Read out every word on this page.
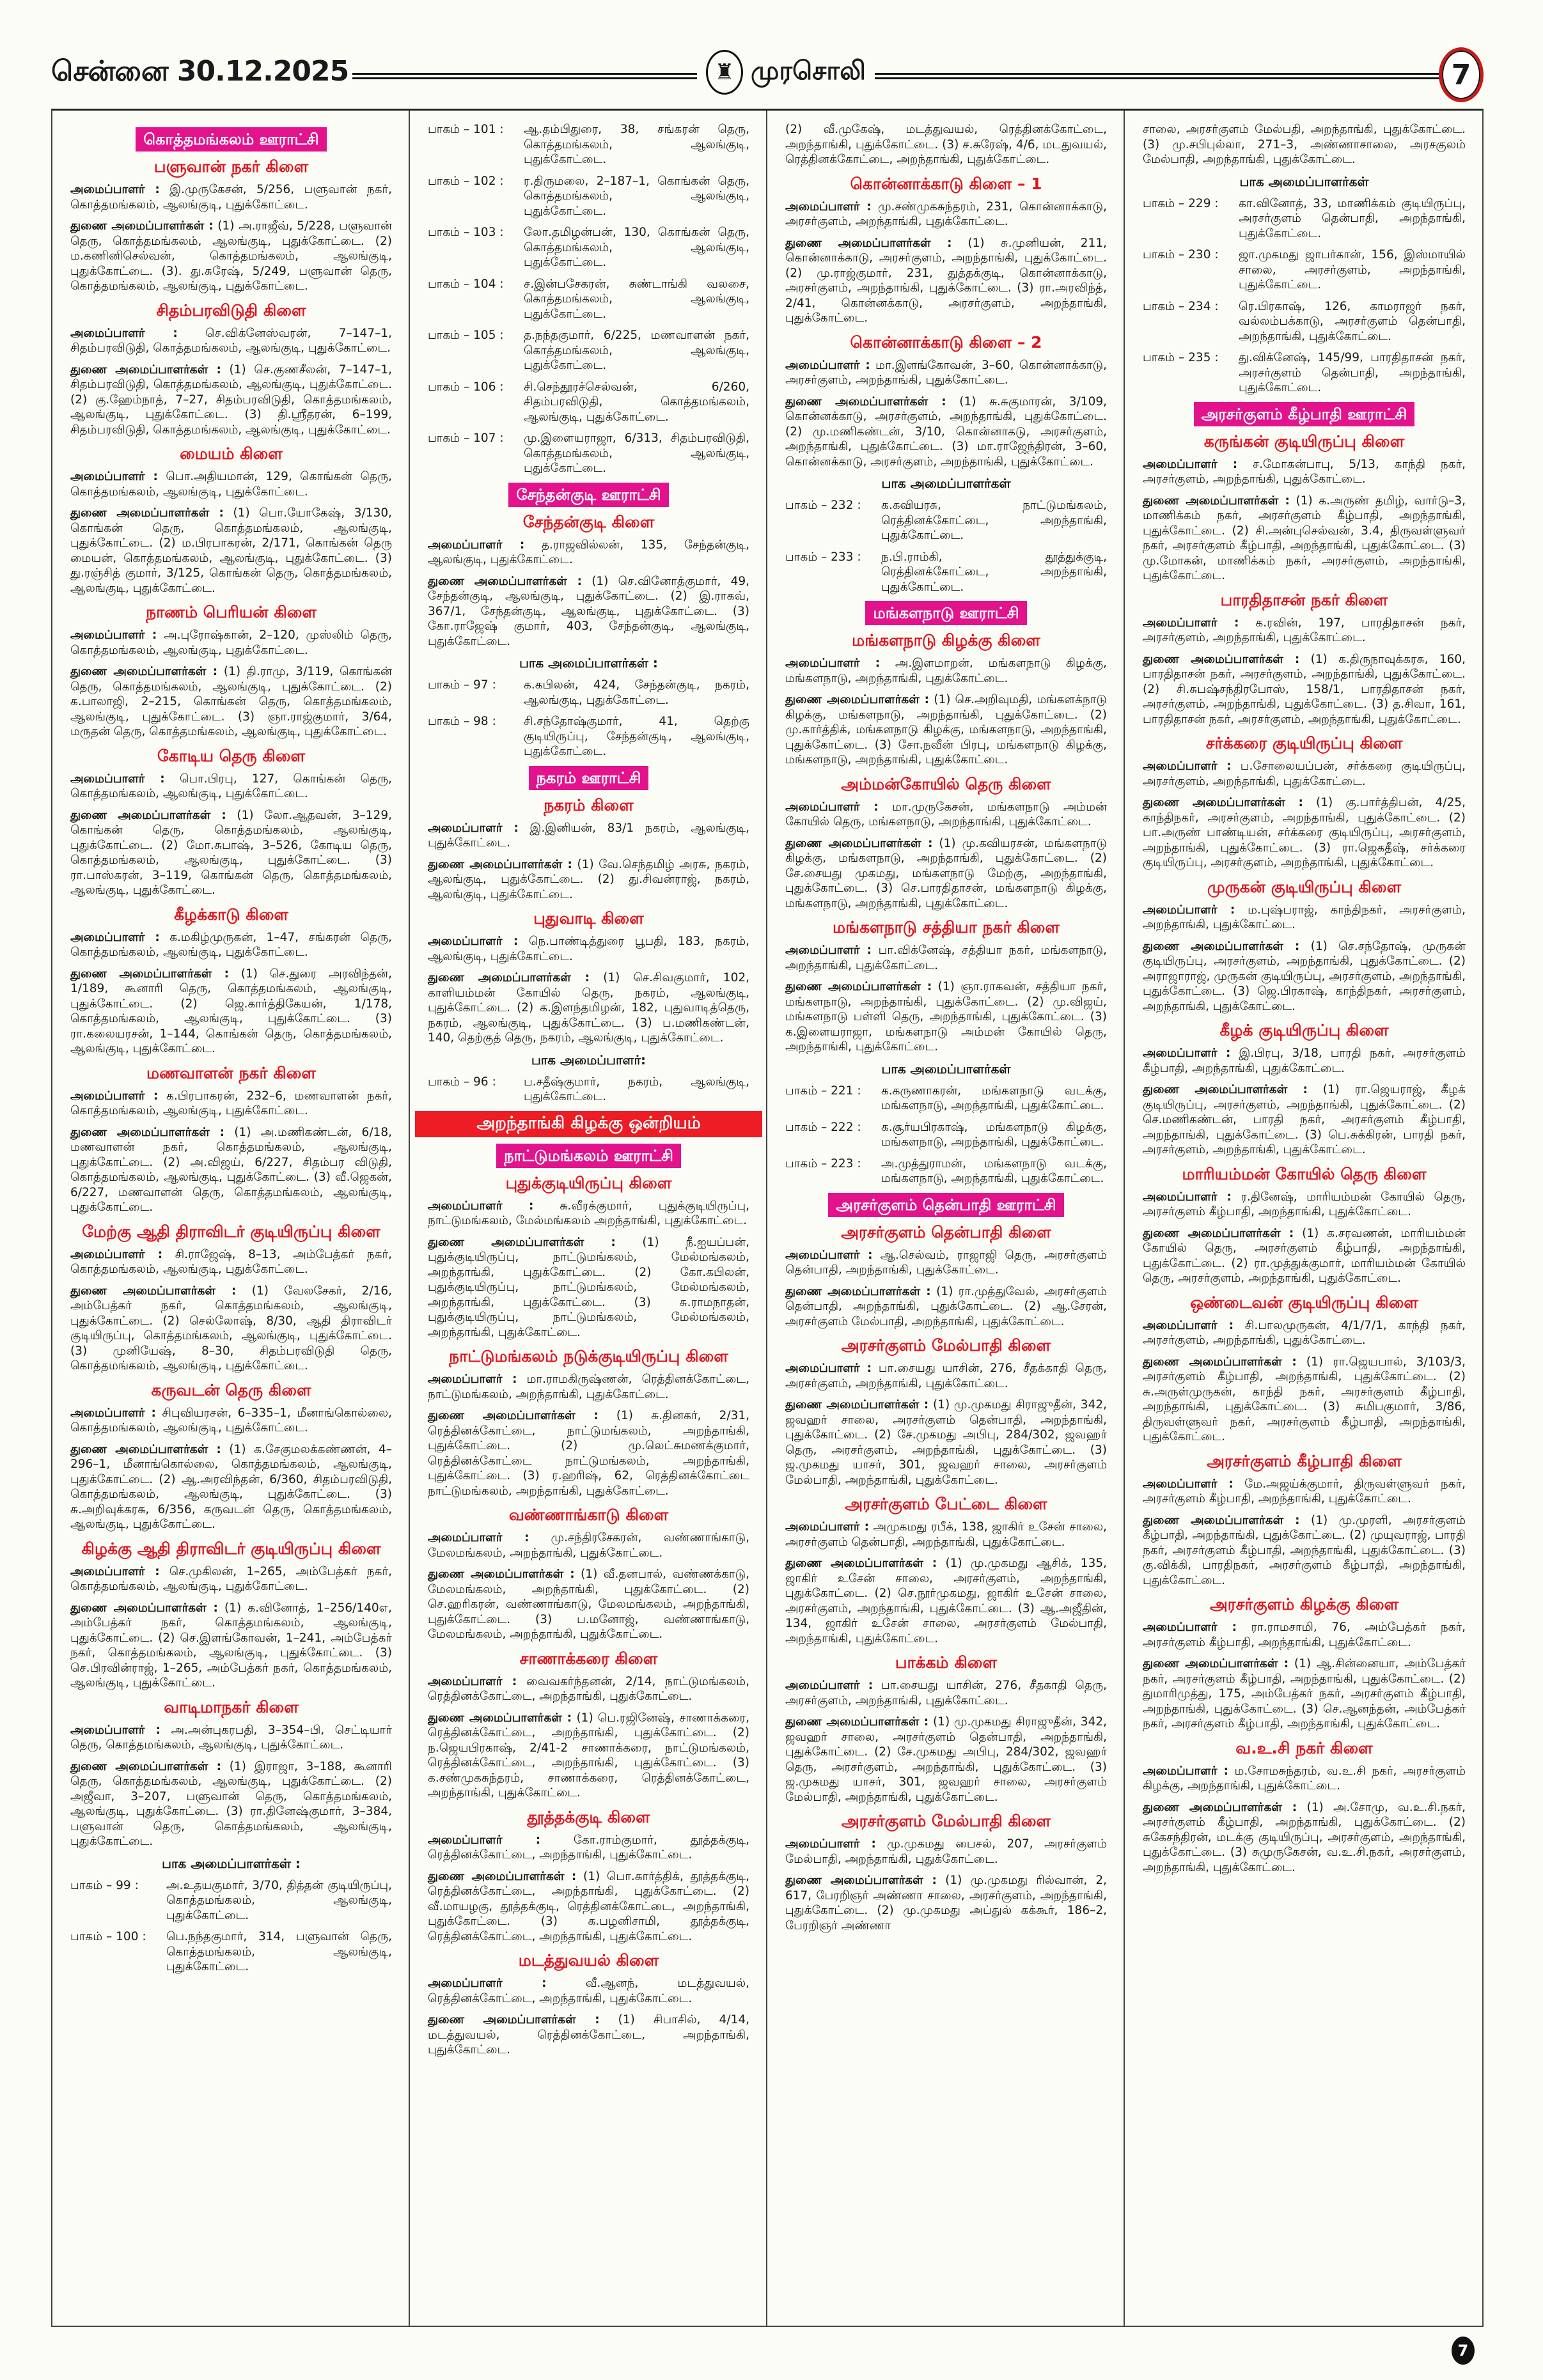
சென்னை 30.12.2025	♜ முரசொலி	7
கொத்தமங்கலம் ஊராட்சி
பளுவான் நகர் கிளை

அமைப்பாளர் : இ.முருகேசன், 5/256, பளுவான் நகர், கொத்தமங்கலம், ஆலங்குடி, புதுக்கோட்டை.

துணை அமைப்பாளர்கள் : (1) அ.ராஜீவ், 5/228, பளுவான் தெரு, கொத்தமங்கலம், ஆலங்குடி, புதுக்கோட்டை. (2) ம.கணினிசெல்வன், கொத்தமங்கலம், ஆலங்குடி, புதுக்கோட்டை. (3). து.சுரேஷ், 5/249, பளுவான் தெரு, கொத்தமங்கலம், ஆலங்குடி, புதுக்கோட்டை.

சிதம்பரவிடுதி கிளை

அமைப்பாளர் : செ.விக்னேஸ்வரன், 7–147–1, சிதம்பரவிடுதி, கொத்தமங்கலம், ஆலங்குடி, புதுக்கோட்டை.

துணை அமைப்பாளர்கள் : (1) செ.குணசீலன், 7–147–1, சிதம்பரவிடுதி, கொத்தமங்கலம், ஆலங்குடி, புதுக்கோட்டை. (2) கு.ஹேம்நாத், 7–27, சிதம்பரவிடுதி, கொத்தமங்கலம், ஆலங்குடி, புதுக்கோட்டை. (3) தி.ஸ்ரீதரன், 6–199, சிதம்பரவிடுதி, கொத்தமங்கலம், ஆலங்குடி, புதுக்கோட்டை.

மையம் கிளை

அமைப்பாளர் : பொ.அதியமான், 129, கொங்கன் தெரு, கொத்தமங்கலம், ஆலங்குடி, புதுக்கோட்டை.

துணை அமைப்பாளர்கள் : (1) பொ.யோகேஷ், 3/130, கொங்கன் தெரு, கொத்தமங்கலம், ஆலங்குடி, புதுக்கோட்டை. (2) ம.பிரபாகரன், 2/171, கொங்கன் தெரு மையன், கொத்தமங்கலம், ஆலங்குடி, புதுக்கோட்டை. (3) து.ரஞ்சித் குமார், 3/125, கொங்கன் தெரு, கொத்தமங்கலம், ஆலங்குடி, புதுக்கோட்டை.

நாணம் பெரியன் கிளை

அமைப்பாளர் : அ.புரோஷ்கான், 2–120, முஸ்லிம் தெரு, கொத்தமங்கலம், ஆலங்குடி, புதுக்கோட்டை.

துணை அமைப்பாளர்கள் : (1) தி.ராமு, 3/119, கொங்கன் தெரு, கொத்தமங்கலம், ஆலங்குடி, புதுக்கோட்டை. (2) க.பாலாஜி, 2–215, கொங்கன் தெரு, கொத்தமங்கலம், ஆலங்குடி, புதுக்கோட்டை. (3) ஞா.ராஜ்குமார், 3/64, மருதன் தெரு, கொத்தமங்கலம், ஆலங்குடி, புதுக்கோட்டை.

கோடிய தெரு கிளை

அமைப்பாளர் : பொ.பிரபு, 127, கொங்கன் தெரு, கொத்தமங்கலம், ஆலங்குடி, புதுக்கோட்டை.

துணை அமைப்பாளர்கள் : (1) லோ.ஆதவன், 3–129, கொங்கன் தெரு, கொத்தமங்கலம், ஆலங்குடி, புதுக்கோட்டை. (2) மோ.சுபாஷ், 3–526, கோடிய தெரு, கொத்தமங்கலம், ஆலங்குடி, புதுக்கோட்டை. (3) ரா.பாஸ்கரன், 3–119, கொங்கன் தெரு, கொத்தமங்கலம், ஆலங்குடி, புதுக்கோட்டை.

கீழக்காடு கிளை

அமைப்பாளர் : க.மகிழ்முருகன், 1–47, சங்கரன் தெரு, கொத்தமங்கலம், ஆலங்குடி, புதுக்கோட்டை.

துணை அமைப்பாளர்கள் : (1) செ.துரை அரவிந்தன், 1/189, கூனாரி தெரு, கொத்தமங்கலம், ஆலங்குடி, புதுக்கோட்டை. (2) ஜெ.கார்த்திகேயன், 1/178, கொத்தமங்கலம், ஆலங்குடி, புதுக்கோட்டை. (3) ரா.கலையரசன், 1–144, கொங்கன் தெரு, கொத்தமங்கலம், ஆலங்குடி, புதுக்கோட்டை.

மணவாளன் நகர் கிளை

அமைப்பாளர் : க.பிரபாகரன், 232–6, மணவாளன் நகர், கொத்தமங்கலம், ஆலங்குடி, புதுக்கோட்டை.

துணை அமைப்பாளர்கள் : (1) அ.மணிகண்டன், 6/18, மணவாளன் நகர், கொத்தமங்கலம், ஆலங்குடி, புதுக்கோட்டை. (2) அ.விஜய், 6/227, சிதம்பர விடுதி, கொத்தமங்கலம், ஆலங்குடி, புதுக்கோட்டை. (3) வீ.ஜெகன், 6/227, மணவாளன் தெரு, கொத்தமங்கலம், ஆலங்குடி, புதுக்கோட்டை.

மேற்கு ஆதி திராவிடர் குடியிருப்பு கிளை

அமைப்பாளர் : சி.ராஜேஷ், 8–13, அம்பேத்கர் நகர், கொத்தமங்கலம், ஆலங்குடி, புதுக்கோட்டை.

துணை அமைப்பாளர்கள் : (1) வேலசேகர், 2/16, அம்பேத்கர் நகர், கொத்தமங்கலம், ஆலங்குடி, புதுக்கோட்டை. (2) செல்லோஷ், 8/30, ஆதி திராவிடர் குடியிருப்பு, கொத்தமங்கலம், ஆலங்குடி, புதுக்கோட்டை. (3) முனியேஷ், 8–30, சிதம்பரவிடுதி தெரு, கொத்தமங்கலம், ஆலங்குடி, புதுக்கோட்டை.

கருவடன் தெரு கிளை

அமைப்பாளர் : சிபுவியரசன், 6–335–1, மீனாங்கொல்லை, கொத்தமங்கலம், ஆலங்குடி, புதுக்கோட்டை.

துணை அமைப்பாளர்கள் : (1) க.சேகுமலக்கண்ணன், 4–296–1, மீனாங்கொல்லை, கொத்தமங்கலம், ஆலங்குடி, புதுக்கோட்டை. (2) ஆ.அரவிந்தன், 6/360, சிதம்பரவிடுதி, கொத்தமங்கலம், ஆலங்குடி, புதுக்கோட்டை. (3) சு.அறிவுக்கரசு, 6/356, கருவடன் தெரு, கொத்தமங்கலம், ஆலங்குடி, புதுக்கோட்டை.

கிழக்கு ஆதி திராவிடர் குடியிருப்பு கிளை

அமைப்பாளர் : செ.முகிலன், 1–265, அம்பேத்கர் நகர், கொத்தமங்கலம், ஆலங்குடி, புதுக்கோட்டை.

துணை அமைப்பாளர்கள் : (1) க.வினோத், 1–256/140எ, அம்பேத்கர் நகர், கொத்தமங்கலம், ஆலங்குடி, புதுக்கோட்டை. (2) செ.இளங்கோவன், 1–241, அம்பேத்கர் நகர், கொத்தமங்கலம், ஆலங்குடி, புதுக்கோட்டை. (3) செ.பிரவின்ராஜ், 1–265, அம்பேத்கர் நகர், கொத்தமங்கலம், ஆலங்குடி, புதுக்கோட்டை.

வாடிமாநகர் கிளை

அமைப்பாளர் : அ.அன்புகரபதி, 3–354–பி, செட்டியார் தெரு, கொத்தமங்கலம், ஆலங்குடி, புதுக்கோட்டை.

துணை அமைப்பாளர்கள் : (1) இராஜா, 3–188, கூனாரி தெரு, கொத்தமங்கலம், ஆலங்குடி, புதுக்கோட்டை. (2) அஜீவா, 3–207, பளுவான் தெரு, கொத்தமங்கலம், ஆலங்குடி, புதுக்கோட்டை. (3) ரா.தினேஷ்குமார், 3–384, பளுவான் தெரு, கொத்தமங்கலம், ஆலங்குடி, புதுக்கோட்டை.

பாக அமைப்பாளர்கள் :
பாகம் – 99 :	அ.உதயகுமார், 3/70, தித்தன் குடியிருப்பு, கொத்தமங்கலம், ஆலங்குடி, புதுக்கோட்டை.
பாகம் – 100 :	பெ.நந்தகுமார், 314, பளுவான் தெரு, கொத்தமங்கலம், ஆலங்குடி, புதுக்கோட்டை.
பாகம் – 101 :	ஆ.தம்பிதுரை, 38, சங்கரன் தெரு, கொத்தமங்கலம், ஆலங்குடி, புதுக்கோட்டை.
பாகம் – 102 :	ர.திருமலை, 2–187–1, கொங்கன் தெரு, கொத்தமங்கலம், ஆலங்குடி, புதுக்கோட்டை.
பாகம் – 103 :	லோ.தமிழன்பன், 130, கொங்கன் தெரு, கொத்தமங்கலம், ஆலங்குடி, புதுக்கோட்டை.
பாகம் – 104 :	ச.இன்பசேகரன், சுண்டாங்கி வலசை, கொத்தமங்கலம், ஆலங்குடி, புதுக்கோட்டை.
பாகம் – 105 :	த.நந்தகுமார், 6/225, மணவாளன் நகர், கொத்தமங்கலம், ஆலங்குடி, புதுக்கோட்டை.
பாகம் – 106 :	சி.செந்தூரச்செல்வன், 6/260, சிதம்பரவிடுதி, கொத்தமங்கலம், ஆலங்குடி, புதுக்கோட்டை.
பாகம் – 107 :	மு.இளையராஜா, 6/313, சிதம்பரவிடுதி, கொத்தமங்கலம், ஆலங்குடி, புதுக்கோட்டை.
சேந்தன்குடி ஊராட்சி
சேந்தன்குடி கிளை

அமைப்பாளர் : த.ராஜவில்லன், 135, சேந்தன்குடி, ஆலங்குடி, புதுக்கோட்டை.

துணை அமைப்பாளர்கள் : (1) செ.வினோத்குமார், 49, சேந்தன்குடி, ஆலங்குடி, புதுக்கோட்டை. (2) இ.ராகவ், 367/1, சேந்தன்குடி, ஆலங்குடி, புதுக்கோட்டை. (3) கோ.ராஜேஷ் குமார், 403, சேந்தன்குடி, ஆலங்குடி, புதுக்கோட்டை.

பாக அமைப்பாளர்கள் :
பாகம் – 97 :	க.கபிலன், 424, சேந்தன்குடி, நகரம், ஆலங்குடி, புதுக்கோட்டை.
பாகம் – 98 :	சி.சந்தோஷ்குமார், 41, தெற்கு குடியிருப்பு, சேந்தன்குடி, ஆலங்குடி, புதுக்கோட்டை.
நகரம் ஊராட்சி
நகரம் கிளை

அமைப்பாளர் : இ.இனியன், 83/1 நகரம், ஆலங்குடி, புதுக்கோட்டை.

துணை அமைப்பாளர்கள் : (1) வே.செந்தமிழ் அரசு, நகரம், ஆலங்குடி, புதுக்கோட்டை. (2) து.சிவன்ராஜ், நகரம், ஆலங்குடி, புதுக்கோட்டை.

புதுவாடி கிளை

அமைப்பாளர் : நெ.பாண்டித்துரை பூபதி, 183, நகரம், ஆலங்குடி, புதுக்கோட்டை.

துணை அமைப்பாளர்கள் : (1) செ.சிவகுமார், 102, காளியம்மன் கோயில் தெரு, நகரம், ஆலங்குடி, புதுக்கோட்டை. (2) க.இளந்தமிழன், 182, புதுவாடித்தெரு, நகரம், ஆலங்குடி, புதுக்கோட்டை. (3) ப.மணிகண்டன், 140, தெற்குத் தெரு, நகரம், ஆலங்குடி, புதுக்கோட்டை.

பாக அமைப்பாளர்:
பாகம் – 96 :	ப.சதீஷ்குமார், நகரம், ஆலங்குடி, புதுக்கோட்டை.
அறந்தாங்கி கிழக்கு ஒன்றியம்
நாட்டுமங்கலம் ஊராட்சி
புதுக்குடியிருப்பு கிளை

அமைப்பாளர் : சு.வீரக்குமார், புதுக்குடியிருப்பு, நாட்டுமங்கலம், மேல்மங்கலம் அறந்தாங்கி, புதுக்கோட்டை.

துணை அமைப்பாளர்கள் : (1) நீ.ஐயப்பன், புதுக்குடியிருப்பு, நாட்டுமங்கலம், மேல்மங்கலம், அறந்தாங்கி, புதுக்கோட்டை. (2) கோ.கபிலன், புதுக்குடியிருப்பு, நாட்டுமங்கலம், மேல்மங்கலம், அறந்தாங்கி, புதுக்கோட்டை. (3) சு.ராமநாதன், புதுக்குடியிருப்பு, நாட்டுமங்கலம், மேல்மங்கலம், அறந்தாங்கி, புதுக்கோட்டை.

நாட்டுமங்கலம் நடுக்குடியிருப்பு கிளை

அமைப்பாளர் : மா.ராமகிருஷ்ணன், ரெத்தினக்கோட்டை, நாட்டுமங்கலம், அறந்தாங்கி, புதுக்கோட்டை.

துணை அமைப்பாளர்கள் : (1) சு.தினகர், 2/31, ரெத்தினக்கோட்டை, நாட்டுமங்கலம், அறந்தாங்கி, புதுக்கோட்டை. (2) மு.லெட்சுமணக்குமார், ரெத்தினக்கோட்டை நாட்டுமங்கலம், அறந்தாங்கி, புதுக்கோட்டை. (3) ர.ஹரிஷ், 62, ரெத்தினக்கோட்டை நாட்டுமங்கலம், அறந்தாங்கி, புதுக்கோட்டை.

வண்ணாங்காடு கிளை

அமைப்பாளர் : மு.சந்திரசேகரன், வண்ணாங்காடு, மேலமங்கலம், அறந்தாங்கி, புதுக்கோட்டை.

துணை அமைப்பாளர்கள் : (1) வீ.தனபால், வண்ணக்காடு, மேலமங்கலம், அறந்தாங்கி, புதுக்கோட்டை. (2) செ.ஹரிகரன், வண்ணாங்காடு, மேலமங்கலம், அறந்தாங்கி, புதுக்கோட்டை. (3) ப.மனோஜ், வண்ணாங்காடு, மேலமங்கலம், அறந்தாங்கி, புதுக்கோட்டை.

சாணாக்கரை கிளை

அமைப்பாளர் : வைவகர்ந்தனன், 2/14, நாட்டுமங்கலம், ரெத்தினக்கோட்டை, அறந்தாங்கி, புதுக்கோட்டை.

துணை அமைப்பாளர்கள் : (1) பெ.ரஜினேஷ், சாணாக்கரை, ரெத்தினக்கோட்டை, அறந்தாங்கி, புதுக்கோட்டை. (2) ந.ஜெயபிரகாஷ், 2/41-2 சாணாக்கரை, நாட்டுமங்கலம், ரெத்தினக்கோட்டை, அறந்தாங்கி, புதுக்கோட்டை. (3) க.சண்முகசுந்தரம், சாணாக்கரை, ரெத்தினக்கோட்டை, அறந்தாங்கி, புதுக்கோட்டை.

தூத்தக்குடி கிளை

அமைப்பாளர் : கோ.ராம்குமார், தூத்தக்குடி, ரெத்தினக்கோட்டை, அறந்தாங்கி, புதுக்கோட்டை.

துணை அமைப்பாளர்கள் : (1) பொ.கார்த்திக், தூத்தக்குடி, ரெத்தினக்கோட்டை, அறந்தாங்கி, புதுக்கோட்டை. (2) வீ.மாயழகு, தூத்தக்குடி, ரெத்தினக்கோட்டை, அறந்தாங்கி, புதுக்கோட்டை. (3) க.பழனிசாமி, தூத்தக்குடி, ரெத்தினக்கோட்டை, அறந்தாங்கி, புதுக்கோட்டை.

மடத்துவயல் கிளை

அமைப்பாளர் : வீ.ஆனந், மடத்துவயல், ரெத்தினக்கோட்டை, அறந்தாங்கி, புதுக்கோட்டை.

துணை அமைப்பாளர்கள் : (1) சிபாசில், 4/14, மடத்துவயல், ரெத்தினக்கோட்டை, அறந்தாங்கி, புதுக்கோட்டை.

(2) வீ.முகேஷ், மடத்துவயல், ரெத்தினக்கோட்டை, அறந்தாங்கி, புதுக்கோட்டை. (3) ச.சுரேஷ், 4/6, மடதுவயல், ரெத்தினக்கோட்டை, அறந்தாங்கி, புதுக்கோட்டை.

கொன்னாக்காடு கிளை – 1

அமைப்பாளர் : மு.சண்முகசுந்தரம், 231, கொன்னாக்காடு, அரசர்குளம், அறந்தாங்கி, புதுக்கோட்டை.

துணை அமைப்பாளர்கள் : (1) சு.முனியன், 211, கொன்னாக்காடு, அரசர்குளம், அறந்தாங்கி, புதுக்கோட்டை. (2) மு.ராஜ்குமார், 231, துத்தக்குடி, கொன்னாக்காடு, அரசர்குளம், அறந்தாங்கி, புதுக்கோட்டை. (3) ரா.அரவிந்த், 2/41, கொன்னக்காடு, அரசர்குளம், அறந்தாங்கி, புதுக்கோட்டை.

கொன்னாக்காடு கிளை – 2

அமைப்பாளர் : மா.இளங்கோவன், 3–60, கொன்னாக்காடு, அரசர்குளம், அறந்தாங்கி, புதுக்கோட்டை.

துணை அமைப்பாளர்கள் : (1) சு.சுகுமாரன், 3/109, கொன்னக்காடு, அரசர்குளம், அறந்தாங்கி, புதுக்கோட்டை. (2) மு.மணிகண்டன், 3/10, கொன்னாகடு, அரசர்குளம், அறந்தாங்கி, புதுக்கோட்டை. (3) மா.ராஜேந்திரன், 3–60, கொன்னக்காடு, அரசர்குளம், அறந்தாங்கி, புதுக்கோட்டை.

பாக அமைப்பாளர்கள்
பாகம் – 232 :	க.கவியரசு, நாட்டுமங்கலம், ரெத்தினக்கோட்டை, அறந்தாங்கி, புதுக்கோட்டை.
பாகம் – 233 :	ந.பி.ராம்கி, தூத்துக்குடி, ரெத்தினக்கோட்டை, அறந்தாங்கி, புதுக்கோட்டை.
மங்களநாடு ஊராட்சி
மங்களநாடு கிழக்கு கிளை

அமைப்பாளர் : அ.இளமாறன், மங்களநாடு கிழக்கு, மங்களநாடு, அறந்தாங்கி, புதுக்கோட்டை.

துணை அமைப்பாளர்கள் : (1) செ.அறிவுமதி, மங்களக்நாடு கிழக்கு, மங்களநாடு, அறந்தாங்கி, புதுக்கோட்டை. (2) மு.கார்த்திக், மங்களநாடு கிழக்கு, மங்களநாடு, அறந்தாங்கி, புதுக்கோட்டை. (3) சோ.நவீன் பிரபு, மங்களநாடு கிழக்கு, மங்களநாடு, அறந்தாங்கி, புதுக்கோட்டை.

அம்மன்கோயில் தெரு கிளை

அமைப்பாளர் : மா.முருகேசன், மங்களநாடு அம்மன் கோயில் தெரு, மங்களநாடு, அறந்தாங்கி, புதுக்கோட்டை.

துணை அமைப்பாளர்கள் : (1) மு.கவியரசன், மங்களநாடு கிழக்கு, மங்களநாடு, அறந்தாங்கி, புதுக்கோட்டை. (2) சே.சையது முகமது, மங்களநாடு மேற்கு, அறந்தாங்கி, புதுக்கோட்டை. (3) செ.பாரதிதாசன், மங்களநாடு கிழக்கு, மங்களநாடு, அறந்தாங்கி, புதுக்கோட்டை.

மங்களநாடு சத்தியா நகர் கிளை

அமைப்பாளர் : பா.விக்னேஷ், சத்தியா நகர், மங்களநாடு, அறந்தாங்கி, புதுக்கோட்டை.

துணை அமைப்பாளர்கள் : (1) ஞா.ராகவன், சத்தியா நகர், மங்களநாடு, அறந்தாங்கி, புதுக்கோட்டை. (2) மு.விஜய், மங்களநாடு பள்ளி தெரு, அறந்தாங்கி, புதுக்கோட்டை. (3) க.இளையராஜா, மங்களநாடு அம்மன் கோயில் தெரு, அறந்தாங்கி, புதுக்கோட்டை.

பாக அமைப்பாளர்கள்
பாகம் – 221 :	க.கருணாகரன், மங்களநாடு வடக்கு, மங்களநாடு, அறந்தாங்கி, புதுக்கோட்டை.
பாகம் – 222 :	க.சூர்யபிரகாஷ், மங்களநாடு கிழக்கு, மங்களநாடு, அறந்தாங்கி, புதுக்கோட்டை.
பாகம் – 223 :	அ.முத்துராமன், மங்களநாடு வடக்கு, மங்களநாடு, அறந்தாங்கி, புதுக்கோட்டை.
அரசர்குளம் தென்பாதி ஊராட்சி
அரசர்குளம் தென்பாதி கிளை

அமைப்பாளர் : ஆ.செல்வம், ராஜாஜி தெரு, அரசர்குளம் தென்பாதி, அறந்தாங்கி, புதுக்கோட்டை.

துணை அமைப்பாளர்கள் : (1) ரா.முத்துவேல், அரசர்குளம் தென்பாதி, அறந்தாங்கி, புதுக்கோட்டை. (2) ஆ.சேரன், அரசர்குளம் மேல்பாதி, அறந்தாங்கி, புதுக்கோட்டை.

அரசர்குளம் மேல்பாதி கிளை

அமைப்பாளர் : பா.சையது யாசின், 276, சீதக்காதி தெரு, அரசர்குளம், அறந்தாங்கி, புதுக்கோட்டை.

துணை அமைப்பாளர்கள் : (1) மு.முகமது சிராஜுதீன், 342, ஜவஹர் சாலை, அரசர்குளம் தென்பாதி, அறந்தாங்கி, புதுக்கோட்டை. (2) சே.முகமது அபிபு, 284/302, ஜவஹர் தெரு, அரசர்குளம், அறந்தாங்கி, புதுக்கோட்டை. (3) ஜ.முகமது யாசர், 301, ஜவஹர் சாலை, அரசர்குளம் மேல்பாதி, அறந்தாங்கி, புதுக்கோட்டை.

அரசர்குளம் பேட்டை கிளை

அமைப்பாளர் : அமுகமது ரபீக், 138, ஜாகிர் உசேன் சாலை, அரசர்குளம் தென்பாதி, அறந்தாங்கி, புதுக்கோட்டை.

துணை அமைப்பாளர்கள் : (1) மு.முகமது ஆசிக், 135, ஜாகிர் உசேன் சாலை, அரசர்குளம், அறந்தாங்கி, புதுக்கோட்டை. (2) செ.நூர்முகமது, ஜாகிர் உசேன் சாலை, அரசர்குளம், அறந்தாங்கி, புதுக்கோட்டை. (3) ஆ.அஜீதின், 134, ஜாகிர் உசேன் சாலை, அரசர்குளம் மேல்பாதி, அறந்தாங்கி, புதுக்கோட்டை.

பாக்கம் கிளை

அமைப்பாளர் : பா.சையது யாசின், 276, சீதகாதி தெரு, அரசர்குளம், அறந்தாங்கி, புதுக்கோட்டை.

துணை அமைப்பாளர்கள் : (1) மு.முகமது சிராஜுதீன், 342, ஜவஹர் சாலை, அரசர்குளம் தென்பாதி, அறந்தாங்கி, புதுக்கோட்டை. (2) சே.முகமது அபிபு, 284/302, ஜவஹர் தெரு, அரசர்குளம், அறந்தாங்கி, புதுக்கோட்டை. (3) ஜ.முகமது யாசர், 301, ஜவஹர் சாலை, அரசர்குளம் மேல்பாதி, அறந்தாங்கி, புதுக்கோட்டை.

அரசர்குளம் மேல்பாதி கிளை

அமைப்பாளர் : மு.முகமது பைசல், 207, அரசர்குளம் மேல்பாதி, அறந்தாங்கி, புதுக்கோட்டை.

துணை அமைப்பாளர்கள் : (1) மு.முகமது ரில்வான், 2, 617, பேரறிஞர் அண்ணா சாலை, அரசர்குளம், அறந்தாங்கி, புதுக்கோட்டை. (2) மு.முகமது அப்துல் கக்கூர், 186–2, பேரறிஞர் அண்ணா

சாலை, அரசர்குளம் மேல்பதி, அறந்தாங்கி, புதுக்கோட்டை. (3) மு.சபிபுல்லா, 271–3, அண்ணாசாலை, அரசகுலம் மேல்பாதி, அறந்தாங்கி, புதுக்கோட்டை.

பாக அமைப்பாளர்கள்
பாகம் – 229 :	கா.வினோத், 33, மாணிக்கம் குடியிருப்பு, அரசர்குளம் தென்பாதி, அறந்தாங்கி, புதுக்கோட்டை.
பாகம் – 230 :	ஜா.முகமது ஜாபர்கான், 156, இஸ்மாயில் சாலை, அரசர்குளம், அறந்தாங்கி, புதுக்கோட்டை.
பாகம் – 234 :	ரெ.பிரகாஷ், 126, காமராஜர் நகர், வல்லம்பக்காடு, அரசர்குளம் தென்பாதி, அறந்தாங்கி, புதுக்கோட்டை.
பாகம் – 235 :	து.விக்னேஷ், 145/99, பாரதிதாசன் நகர், அரசர்குளம் தென்பாதி, அறந்தாங்கி, புதுக்கோட்டை.
அரசர்குளம் கீழ்பாதி ஊராட்சி
கருங்கன் குடியிருப்பு கிளை

அமைப்பாளர் : ச.மோகன்பாபு, 5/13, காந்தி நகர், அரசர்குளம், அறந்தாங்கி, புதுக்கோட்டை.

துணை அமைப்பாளர்கள் : (1) க.அருண் தமிழ், வார்டு–3, மாணிக்கம் நகர், அரசர்குளம் கீழ்பாதி, அறந்தாங்கி, புதுக்கோட்டை. (2) சி.அன்புசெல்வன், 3.4, திருவள்ளுவர் நகர், அரசர்குளம் கீழ்பாதி, அறந்தாங்கி, புதுக்கோட்டை. (3) மு.மோகன், மாணிக்கம் நகர், அரசர்குளம், அறந்தாங்கி, புதுக்கோட்டை.

பாரதிதாசன் நகர் கிளை

அமைப்பாளர் : க.ரவின், 197, பாரதிதாசன் நகர், அரசர்குளம், அறந்தாங்கி, புதுக்கோட்டை.

துணை அமைப்பாளர்கள் : (1) க.திருநாவுக்கரசு, 160, பாரதிதாசன் நகர், அரசர்குளம், அறந்தாங்கி, புதுக்கோட்டை. (2) சி.சுபஷ்சந்திரபோஸ், 158/1, பாரதிதாசன் நகர், அரசர்குளம், அறந்தாங்கி, புதுக்கோட்டை. (3) த.சிவா, 161, பாரதிதாசன் நகர், அரசர்குளம், அறந்தாங்கி, புதுக்கோட்டை.

சர்க்கரை குடியிருப்பு கிளை

அமைப்பாளர் : ப.சோலையப்பன், சர்க்கரை குடியிருப்பு, அரசர்குளம், அறந்தாங்கி, புதுக்கோட்டை.

துணை அமைப்பாளர்கள் : (1) கு.பார்த்திபன், 4/25, காந்திநகர், அரசர்குளம், அறந்தாங்கி, புதுக்கோட்டை. (2) பா.அருண் பாண்டியன், சர்க்கரை குடியிருப்பு, அரசர்குளம், அறந்தாங்கி, புதுக்கோட்டை. (3) ரா.ஜெகதீஷ், சர்க்கரை குடியிருப்பு, அரசர்குளம், அறந்தாங்கி, புதுக்கோட்டை.

முருகன் குடியிருப்பு கிளை

அமைப்பாளர் : ம.புஷ்பராஜ், காந்திநகர், அரசர்குளம், அறந்தாங்கி, புதுக்கோட்டை.

துணை அமைப்பாளர்கள் : (1) செ.சந்தோஷ், முருகன் குடியிருப்பு, அரசர்குளம், அறந்தாங்கி, புதுக்கோட்டை. (2) அராஜாராஜ், முருகன் குடியிருப்பு, அரசர்குளம், அறந்தாங்கி, புதுக்கோட்டை. (3) ஜெ.பிரகாஷ், காந்திநகர், அரசர்குளம், அறந்தாங்கி, புதுக்கோட்டை.

கீழக் குடியிருப்பு கிளை

அமைப்பாளர் : இ.பிரபு, 3/18, பாரதி நகர், அரசர்குளம் கீழ்பாதி, அறந்தாங்கி, புதுக்கோட்டை.

துணை அமைப்பாளர்கள் : (1) ரா.ஜெயராஜ், கீழக் குடியிருப்பு, அரசர்குளம், அறந்தாங்கி, புதுக்கோட்டை. (2) செ.மணிகண்டன், பாரதி நகர், அரசர்குளம் கீழ்பாதி, அறந்தாங்கி, புதுக்கோட்டை. (3) பெ.சுக்கிரன், பாரதி நகர், அரசர்குளம், அறந்தாங்கி, புதுக்கோட்டை.

மாரியம்மன் கோயில் தெரு கிளை

அமைப்பாளர் : ர.தினேஷ், மாரியம்மன் கோயில் தெரு, அரசர்குளம் கீழ்பாதி, அறந்தாங்கி, புதுக்கோட்டை.

துணை அமைப்பாளர்கள் : (1) க.சரவணன், மாரியம்மன் கோயில் தெரு, அரசர்குளம் கீழ்பாதி, அறந்தாங்கி, புதுக்கோட்டை. (2) ரா.முத்துக்குமார், மாரியம்மன் கோயில் தெரு, அரசர்குளம், அறந்தாங்கி, புதுக்கோட்டை.

ஒண்டைவன் குடியிருப்பு கிளை

அமைப்பாளர் : சி.பாலமுருகன், 4/1/7/1, காந்தி நகர், அரசர்குளம், அறந்தாங்கி, புதுக்கோட்டை.

துணை அமைப்பாளர்கள் : (1) ரா.ஜெயபால், 3/103/3, அரசர்குளம் கீழ்பாதி, அறந்தாங்கி, புதுக்கோட்டை. (2) சு.அருள்முருகன், காந்தி நகர், அரசர்குளம் கீழ்பாதி, அறந்தாங்கி, புதுக்கோட்டை. (3) சுமிபகுமார், 3/86, திருவள்ளுவர் நகர், அரசர்குளம் கீழ்பாதி, அறந்தாங்கி, புதுக்கோட்டை.

அரசர்குளம் கீழ்பாதி கிளை

அமைப்பாளர் : மே.அஜய்க்குமார், திருவள்ளுவர் நகர், அரசர்குளம் கீழ்பாதி, அறந்தாங்கி, புதுக்கோட்டை.

துணை அமைப்பாளர்கள் : (1) மு.முரளி, அரசர்குளம் கீழ்பாதி, அறந்தாங்கி, புதுக்கோட்டை. (2) முயுவராஜ், பாரதி நகர், அரசர்குளம் கீழ்பாதி, அறந்தாங்கி, புதுக்கோட்டை. (3) கு.விக்கி, பாரதிநகர், அரசர்குளம் கீழ்பாதி, அறந்தாங்கி, புதுக்கோட்டை.

அரசர்குளம் கிழக்கு கிளை

அமைப்பாளர் : ரா.ராமசாமி, 76, அம்பேத்கர் நகர், அரசர்குளம் கீழ்பாதி, அறந்தாங்கி, புதுக்கோட்டை.

துணை அமைப்பாளர்கள் : (1) ஆ.சின்னையா, அம்பேத்கர் நகர், அரசர்குளம் கீழ்பாதி, அறந்தாங்கி, புதுக்கோட்டை. (2) துமாரிமுத்து, 175, அம்பேத்கர் நகர், அரசர்குளம் கீழ்பாதி, அறந்தாங்கி, புதுக்கோட்டை. (3) செ.ஆனந்தன், அம்பேத்கர் நகர், அரசர்குளம் கீழ்பாதி, அறந்தாங்கி, புதுக்கோட்டை.

வ.உ.சி நகர் கிளை

அமைப்பாளர் : ம.சோமசுந்தரம், வ.உ.சி நகர், அரசர்குளம் கிழக்கு, அறந்தாங்கி, புதுக்கோட்டை.

துணை அமைப்பாளர்கள் : (1) அ.சோமு, வ.உ.சி.நகர், அரசர்குளம் கீழ்பாதி, அறந்தாங்கி, புதுக்கோட்டை. (2) சுகேசந்திரன், மடக்கு குடியிருப்பு, அரசர்குளம், அறந்தாங்கி, புதுக்கோட்டை. (3) சுமுருகேசன், வ.உ.சி.நகர், அரசர்குளம், அறந்தாங்கி, புதுக்கோட்டை.

7
